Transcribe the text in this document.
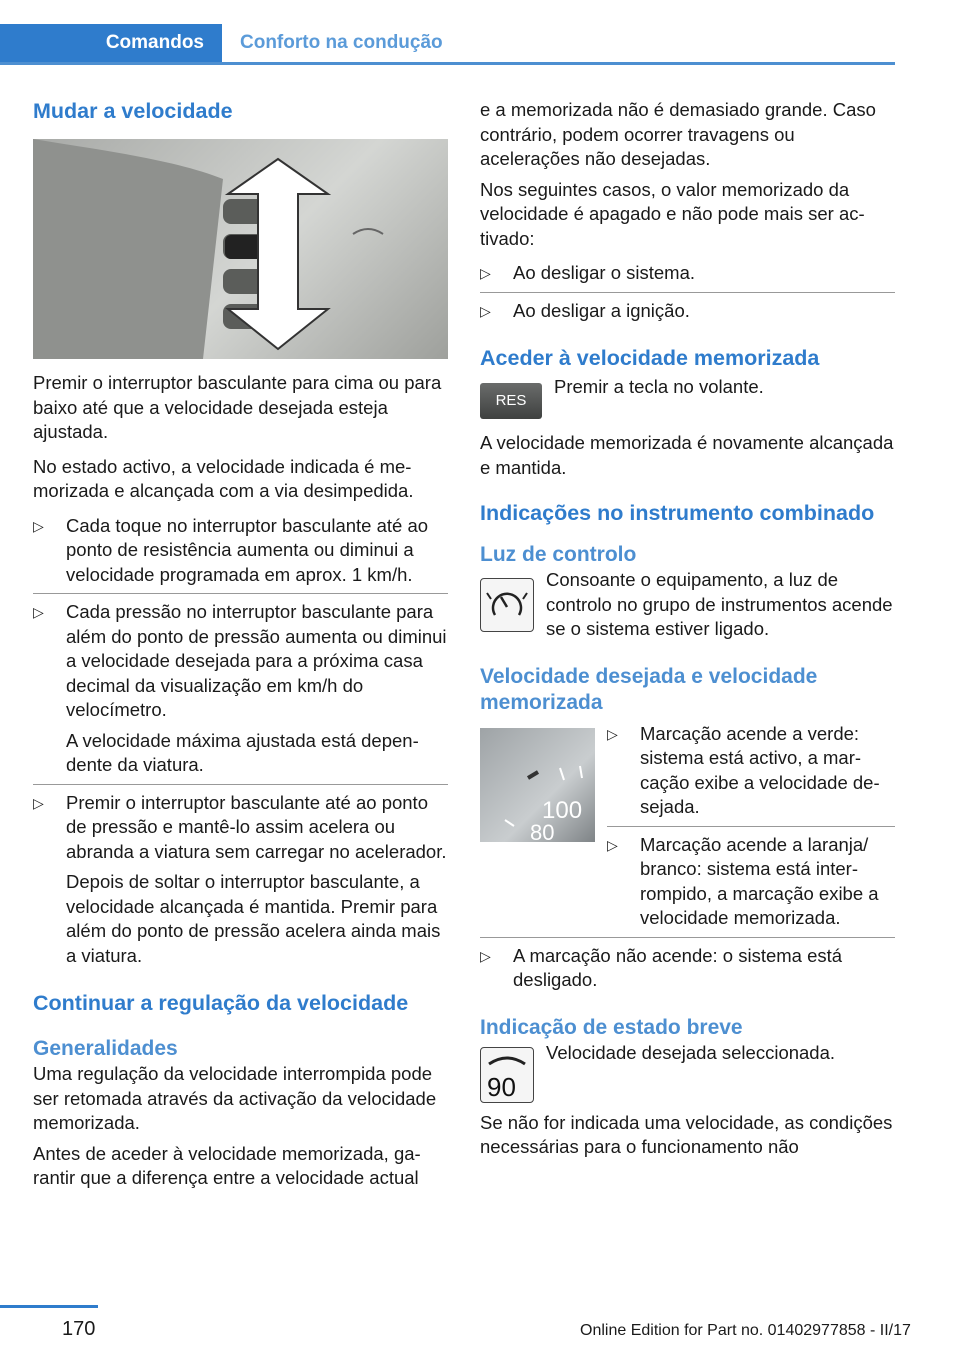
Comandos	Conforto na condução
Mudar a velocidade

Premir o interruptor basculante para cima ou para baixo até que a velocidade desejada esteja ajustada.

No estado activo, a velocidade indicada é memorizada e alcançada com a via desimpedida.

▷ Cada toque no interruptor basculante até ao ponto de resistência aumenta ou diminui a velocidade programada em aprox. 1 km/h.
▷ Cada pressão no interruptor basculante para além do ponto de pressão aumenta ou diminui a velocidade desejada para a próxima casa decimal da visualização em km/h do velocímetro.

A velocidade máxima ajustada está dependente da viatura.

▷ Premir o interruptor basculante até ao ponto de pressão e mantê-lo assim acelera ou abranda a viatura sem carregar no acelerador.

Depois de soltar o interruptor basculante, a velocidade alcançada é mantida. Premir para além do ponto de pressão acelera ainda mais a viatura.

Continuar a regulação da velocidade
Generalidades

Uma regulação da velocidade interrompida pode ser retomada através da activação da velocidade memorizada.

Antes de aceder à velocidade memorizada, garantir que a diferença entre a velocidade actual

e a memorizada não é demasiado grande. Caso contrário, podem ocorrer travagens ou acelerações não desejadas.

Nos seguintes casos, o valor memorizado da velocidade é apagado e não pode mais ser activado:

▷ Ao desligar o sistema.
▷ Ao desligar a ignição.
Aceder à velocidade memorizada
RES
Premir a tecla no volante.

A velocidade memorizada é novamente alcançada e mantida.

Indicações no instrumento combinado
Luz de controlo

Consoante o equipamento, a luz de controlo no grupo de instrumentos acende se o sistema estiver ligado.

Velocidade desejada e velocidade memorizada
100
80
▷ Marcação acende a verde: sistema está activo, a marcação exibe a velocidade desejada.
▷ Marcação acende a laranja/ branco: sistema está interrompido, a marcação exibe a velocidade memorizada.
▷ A marcação não acende: o sistema está desligado.
Indicação de estado breve
90

Velocidade desejada seleccionada.

Se não for indicada uma velocidade, as condições necessárias para o funcionamento não

170	Online Edition for Part no. 01402977858 - II/17
